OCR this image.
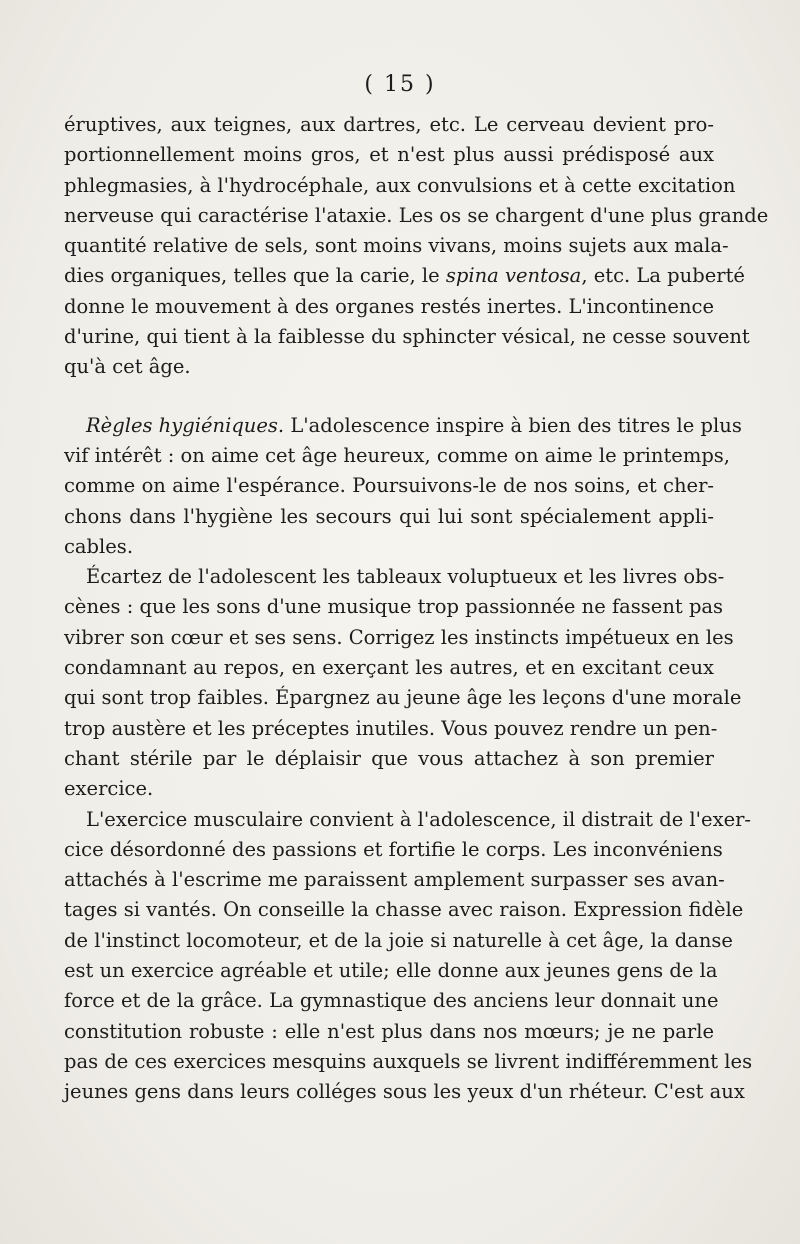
( 15 )
éruptives, aux teignes, aux dartres, etc. Le cerveau devient pro-
portionnellement moins gros, et n'est plus aussi prédisposé aux
phlegmasies, à l'hydrocéphale, aux convulsions et à cette excitation
nerveuse qui caractérise l'ataxie. Les os se chargent d'une plus grande
quantité relative de sels, sont moins vivans, moins sujets aux mala-
dies organiques, telles que la carie, le spina ventosa, etc. La puberté
donne le mouvement à des organes restés inertes. L'incontinence
d'urine, qui tient à la faiblesse du sphincter vésical, ne cesse souvent
qu'à cet âge.
Règles hygiéniques. L'adolescence inspire à bien des titres le plus
vif intérêt : on aime cet âge heureux, comme on aime le printemps,
comme on aime l'espérance. Poursuivons-le de nos soins, et cher-
chons dans l'hygiène les secours qui lui sont spécialement appli-
cables.
Écartez de l'adolescent les tableaux voluptueux et les livres obs-
cènes : que les sons d'une musique trop passionnée ne fassent pas
vibrer son cœur et ses sens. Corrigez les instincts impétueux en les
condamnant au repos, en exerçant les autres, et en excitant ceux
qui sont trop faibles. Épargnez au jeune âge les leçons d'une morale
trop austère et les préceptes inutiles. Vous pouvez rendre un pen-
chant stérile par le déplaisir que vous attachez à son premier
exercice.
L'exercice musculaire convient à l'adolescence, il distrait de l'exer-
cice désordonné des passions et fortifie le corps. Les inconvéniens
attachés à l'escrime me paraissent amplement surpasser ses avan-
tages si vantés. On conseille la chasse avec raison. Expression fidèle
de l'instinct locomoteur, et de la joie si naturelle à cet âge, la danse
est un exercice agréable et utile; elle donne aux jeunes gens de la
force et de la grâce. La gymnastique des anciens leur donnait une
constitution robuste : elle n'est plus dans nos mœurs; je ne parle
pas de ces exercices mesquins auxquels se livrent indifféremment les
jeunes gens dans leurs colléges sous les yeux d'un rhéteur. C'est aux
